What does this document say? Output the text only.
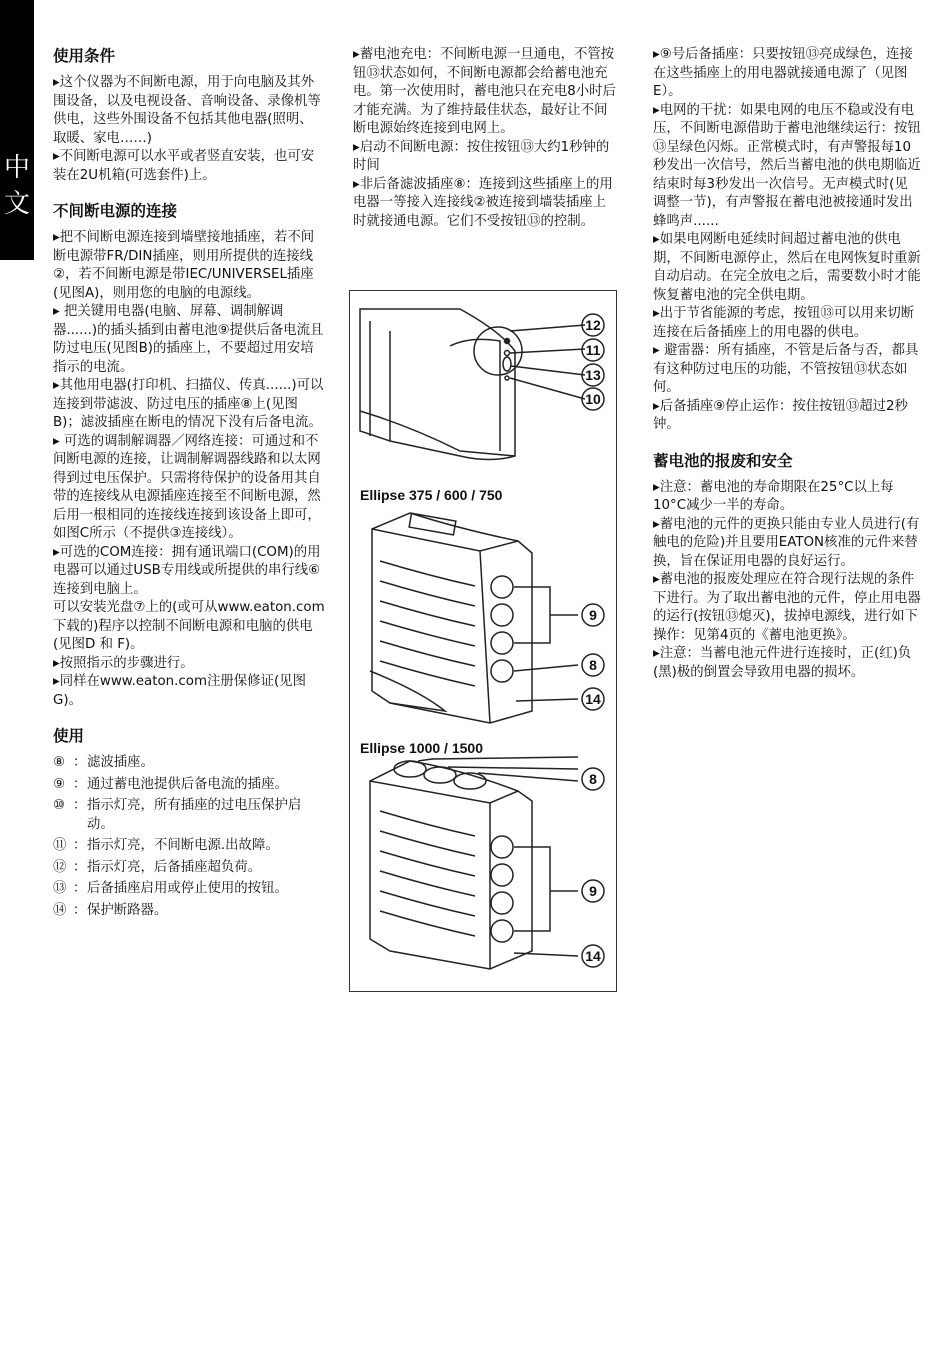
中文
使用条件

▸这个仪器为不间断电源，用于向电脑及其外围设备，以及电视设备、音响设备、录像机等供电，这些外围设备不包括其他电器(照明、取暖、家电……)

▸不间断电源可以水平或者竖直安装，也可安装在2U机箱(可选套件)上。

不间断电源的连接

▸把不间断电源连接到墙壁接地插座，若不间断电源带FR/DIN插座，则用所提供的连接线②，若不间断电源是带IEC/UNIVERSEL插座(见图A)，则用您的电脑的电源线。

▸ 把关键用电器(电脑、屏幕、调制解调器......)的插头插到由蓄电池⑨提供后备电流且防过电压(见图B)的插座上，不要超过用安培指示的电流。

▸其他用电器(打印机、扫描仪、传真......)可以连接到带滤波、防过电压的插座⑧上(见图B)；滤波插座在断电的情况下没有后备电流。

▸ 可选的调制解调器／网络连接：可通过和不间断电源的连接，让调制解调器线路和以太网得到过电压保护。只需将待保护的设备用其自带的连接线从电源插座连接至不间断电源，然后用一根相同的连接线连接到该设备上即可，如图C所示（不提供③连接线）。

▸可选的COM连接：拥有通讯端口(COM)的用电器可以通过USB专用线或所提供的串行线⑥连接到电脑上。

可以安装光盘⑦上的(或可从www.eaton.com下载的)程序以控制不间断电源和电脑的供电(见图D 和 F)。

▸按照指示的步骤进行。

▸同样在www.eaton.com注册保修证(见图G)。

使用
⑧ ： 滤波插座。
⑨ ： 通过蓄电池提供后备电流的插座。
⑩ ： 指示灯亮，所有插座的过电压保护启动。
⑪ ： 指示灯亮，不间断电源.出故障。
⑫ ： 指示灯亮，后备插座超负荷。
⑬ ： 后备插座启用或停止使用的按钮。
⑭ ： 保护断路器。

▸蓄电池充电：不间断电源一旦通电，不管按钮⑬状态如何，不间断电源都会给蓄电池充电。第一次使用时，蓄电池只在充电8小时后才能充满。为了维持最佳状态，最好让不间断电源始终连接到电网上。

▸启动不间断电源：按住按钮⑬大约1秒钟的时间

▸非后备滤波插座⑧：连接到这些插座上的用电器一等接入连接线②被连接到墙装插座上时就接通电源。它们不受按钮⑬的控制。

12
11
13
10
9
8
14
8
9
14
Ellipse 375 / 600 / 750
Ellipse 1000 / 1500

▸⑨号后备插座：只要按钮⑬亮成绿色，连接在这些插座上的用电器就接通电源了（见图E）。

▸电网的干扰：如果电网的电压不稳或没有电压，不间断电源借助于蓄电池继续运行：按钮⑬呈绿色闪烁。正常模式时，有声警报每10秒发出一次信号，然后当蓄电池的供电期临近结束时每3秒发出一次信号。无声模式时(见调整一节)，有声警报在蓄电池被接通时发出蜂鸣声......

▸如果电网断电延续时间超过蓄电池的供电期，不间断电源停止，然后在电网恢复时重新自动启动。在完全放电之后，需要数小时才能恢复蓄电池的完全供电期。

▸出于节省能源的考虑，按钮⑬可以用来切断连接在后备插座上的用电器的供电。

▸ 避雷器：所有插座，不管是后备与否，都具有这种防过电压的功能，不管按钮⑬状态如何。

▸后备插座⑨停止运作：按住按钮⑬超过2秒钟。

蓄电池的报废和安全

▸注意：蓄电池的寿命期限在25°C以上每10°C减少一半的寿命。

▸蓄电池的元件的更换只能由专业人员进行(有触电的危险)并且要用EATON核准的元件来替换，旨在保证用电器的良好运行。

▸蓄电池的报废处理应在符合现行法规的条件下进行。为了取出蓄电池的元件，停止用电器的运行(按钮⑬熄灭)，拔掉电源线，进行如下操作：见第4页的《蓄电池更换》。

▸注意：当蓄电池元件进行连接时，正(红)负(黑)极的倒置会导致用电器的损坏。
